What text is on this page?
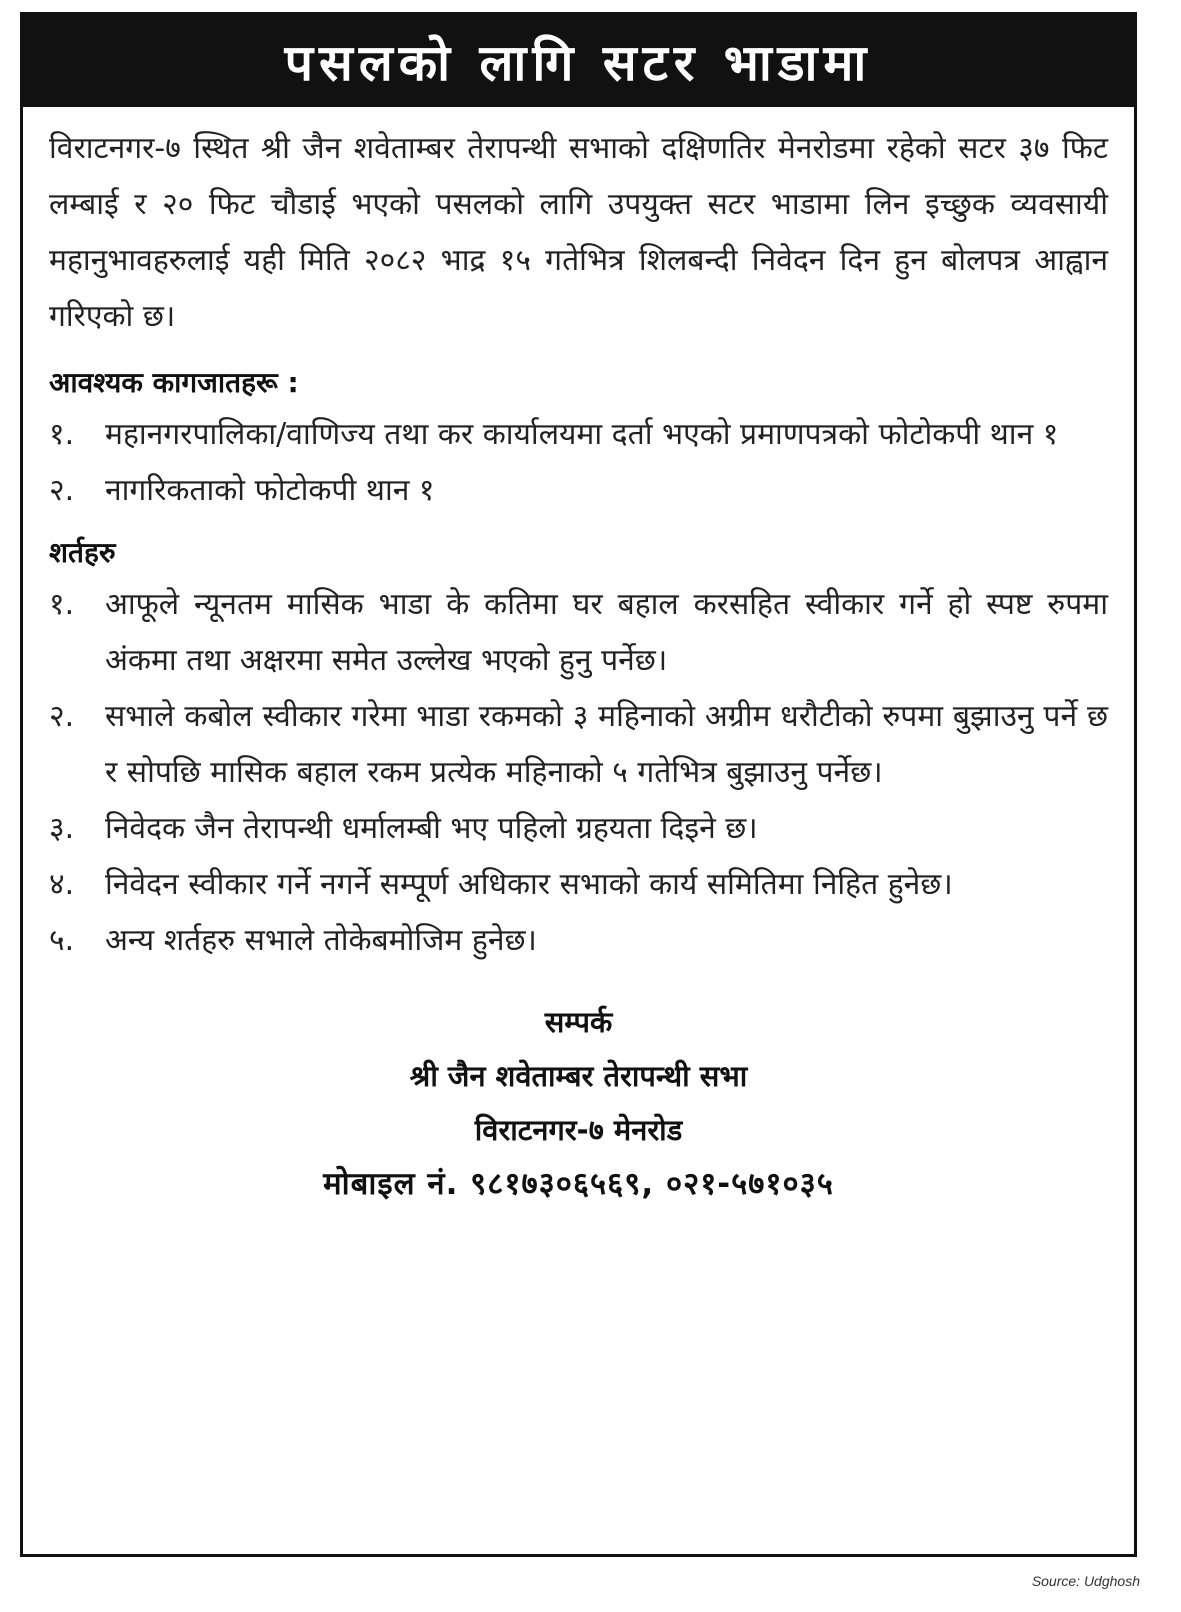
पसलको लागि सटर भाडामा

विराटनगर-७ स्थित श्री जैन शवेताम्बर तेरापन्थी सभाको दक्षिणतिर मेनरोडमा रहेको सटर ३७ फिट लम्बाई र २० फिट चौडाई भएको पसलको लागि उपयुक्त सटर भाडामा लिन इच्छुक व्यवसायी महानुभावहरुलाई यही मिति २०८२ भाद्र १५ गतेभित्र शिलबन्दी निवेदन दिन हुन बोलपत्र आह्वान गरिएको छ।

आवश्यक कागजातहरू :

१.	महानगरपालिका/वाणिज्य तथा कर कार्यालयमा दर्ता भएको प्रमाणपत्रको फोटोकपी थान १
२.	नागरिकताको फोटोकपी थान १

शर्तहरु

१.	आफूले न्यूनतम मासिक भाडा के कतिमा घर बहाल करसहित स्वीकार गर्ने हो स्पष्ट रुपमा अंकमा तथा अक्षरमा समेत उल्लेख भएको हुनु पर्नेछ।
२.	सभाले कबोल स्वीकार गरेमा भाडा रकमको ३ महिनाको अग्रीम धरौटीको रुपमा बुझाउनु पर्ने छ र सोपछि मासिक बहाल रकम प्रत्येक महिनाको ५ गतेभित्र बुझाउनु पर्नेछ।
३.	निवेदक जैन तेरापन्थी धर्मालम्बी भए पहिलो ग्रहयता दिइने छ।
४.	निवेदन स्वीकार गर्ने नगर्ने सम्पूर्ण अधिकार सभाको कार्य समितिमा निहित हुनेछ।
५.	अन्य शर्तहरु सभाले तोकेबमोजिम हुनेछ।
सम्पर्क
श्री जैन शवेताम्बर तेरापन्थी सभा
विराटनगर-७ मेनरोड
मोबाइल नं. ९८१७३०६५६९, ०२१-५७१०३५
Source: Udghosh
